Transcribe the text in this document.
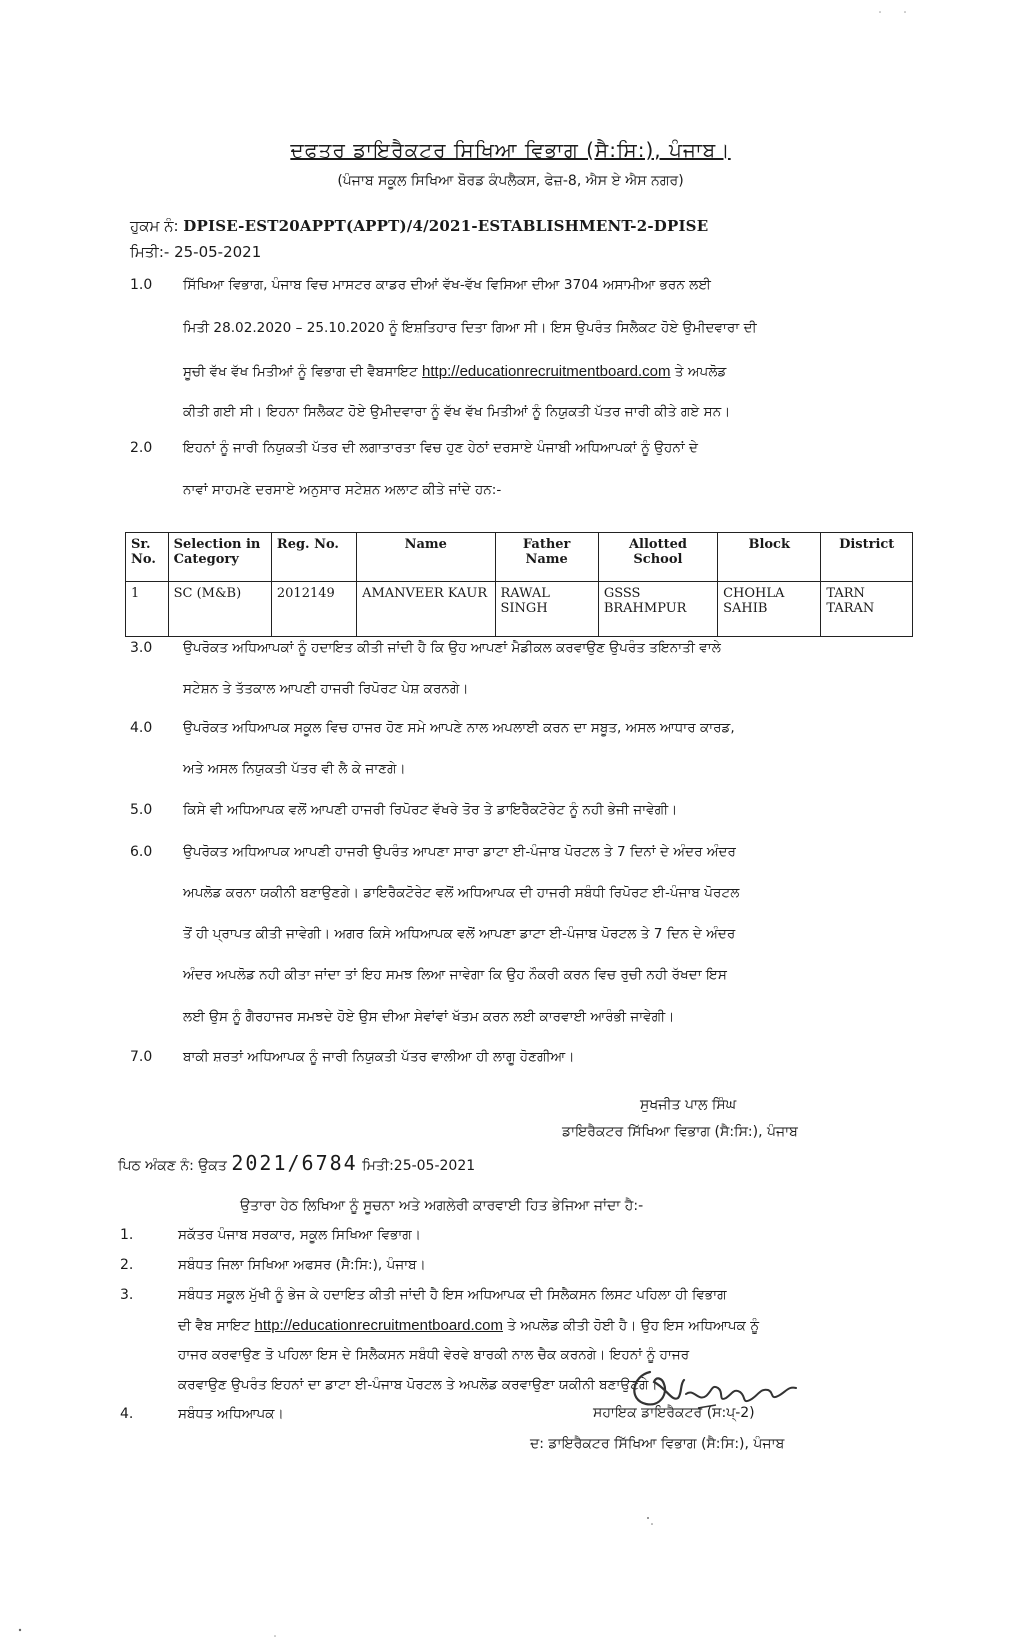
ਦਫਤਰ ਡਾਇਰੈਕਟਰ ਸਿਖਿਆ ਵਿਭਾਗ (ਸੈ:ਸਿ:), ਪੰਜਾਬ।
(ਪੰਜਾਬ ਸਕੂਲ ਸਿਖਿਆ ਬੋਰਡ ਕੰਪਲੈਕਸ, ਫੇਜ਼-8, ਐਸ ਏ ਐਸ ਨਗਰ)
ਹੁਕਮ ਨੰ: DPISE-EST20APPT(APPT)/4/2021-ESTABLISHMENT-2-DPISE
ਮਿਤੀ:- 25-05-2021
1.0 ਸਿੱਖਿਆ ਵਿਭਾਗ, ਪੰਜਾਬ ਵਿਚ ਮਾਸਟਰ ਕਾਡਰ ਦੀਆਂ ਵੱਖ-ਵੱਖ ਵਿਸਿਆ ਦੀਆ 3704 ਅਸਾਮੀਆ ਭਰਨ ਲਈ
ਮਿਤੀ 28.02.2020 – 25.10.2020 ਨੂੰ ਇਸ਼ਤਿਹਾਰ ਦਿਤਾ ਗਿਆ ਸੀ। ਇਸ ਉਪਰੰਤ ਸਿਲੈਕਟ ਹੋਏ ਉਮੀਦਵਾਰਾ ਦੀ
ਸੂਚੀ ਵੱਖ ਵੱਖ ਮਿਤੀਆਂ ਨੂੰ ਵਿਭਾਗ ਦੀ ਵੈਬਸਾਇਟ http://educationrecruitmentboard.com ਤੇ ਅਪਲੋਡ
ਕੀਤੀ ਗਈ ਸੀ। ਇਹਨਾ ਸਿਲੈਕਟ ਹੋਏ ਉਮੀਦਵਾਰਾ ਨੂੰ ਵੱਖ ਵੱਖ ਮਿਤੀਆਂ ਨੂੰ ਨਿਯੁਕਤੀ ਪੱਤਰ ਜਾਰੀ ਕੀਤੇ ਗਏ ਸਨ।
2.0 ਇਹਨਾਂ ਨੂੰ ਜਾਰੀ ਨਿਯੁਕਤੀ ਪੱਤਰ ਦੀ ਲਗਾਤਾਰਤਾ ਵਿਚ ਹੁਣ ਹੇਠਾਂ ਦਰਸਾਏ ਪੰਜਾਬੀ ਅਧਿਆਪਕਾਂ ਨੂੰ ਉਹਨਾਂ ਦੇ
ਨਾਵਾਂ ਸਾਹਮਣੇ ਦਰਸਾਏ ਅਨੁਸਾਰ ਸਟੇਸ਼ਨ ਅਲਾਟ ਕੀਤੇ ਜਾਂਦੇ ਹਨ:-
Sr. No.	Selection in Category	Reg. No.	Name	Father Name	Allotted School	Block	District
1	SC (M&B)	2012149	AMANVEER KAUR	RAWAL SINGH	GSSS BRAHMPUR	CHOHLA SAHIB	TARN TARAN
3.0 ਉਪਰੋਕਤ ਅਧਿਆਪਕਾਂ ਨੂੰ ਹਦਾਇਤ ਕੀਤੀ ਜਾਂਦੀ ਹੈ ਕਿ ਉਹ ਆਪਣਾਂ ਮੈਡੀਕਲ ਕਰਵਾਉਣ ਉਪਰੰਤ ਤਇਨਾਤੀ ਵਾਲੇ
ਸਟੇਸ਼ਨ ਤੇ ਤੱਤਕਾਲ ਆਪਣੀ ਹਾਜਰੀ ਰਿਪੋਰਟ ਪੇਸ਼ ਕਰਨਗੇ।
4.0 ਉਪਰੋਕਤ ਅਧਿਆਪਕ ਸਕੂਲ ਵਿਚ ਹਾਜਰ ਹੋਣ ਸਮੇ ਆਪਣੇ ਨਾਲ ਅਪਲਾਈ ਕਰਨ ਦਾ ਸਬੂਤ, ਅਸਲ ਆਧਾਰ ਕਾਰਡ,
ਅਤੇ ਅਸਲ ਨਿਯੁਕਤੀ ਪੱਤਰ ਵੀ ਲੈ ਕੇ ਜਾਣਗੇ।
5.0 ਕਿਸੇ ਵੀ ਅਧਿਆਪਕ ਵਲੋਂ ਆਪਣੀ ਹਾਜਰੀ ਰਿਪੋਰਟ ਵੱਖਰੇ ਤੋਰ ਤੇ ਡਾਇਰੈਕਟੋਰੇਟ ਨੂੰ ਨਹੀ ਭੇਜੀ ਜਾਵੇਗੀ।
6.0 ਉਪਰੋਕਤ ਅਧਿਆਪਕ ਆਪਣੀ ਹਾਜਰੀ ਉਪਰੰਤ ਆਪਣਾ ਸਾਰਾ ਡਾਟਾ ਈ-ਪੰਜਾਬ ਪੋਰਟਲ ਤੇ 7 ਦਿਨਾਂ ਦੇ ਅੰਦਰ ਅੰਦਰ
ਅਪਲੋਡ ਕਰਨਾ ਯਕੀਨੀ ਬਣਾਉਣਗੇ। ਡਾਇਰੈਕਟੋਰੇਟ ਵਲੋਂ ਅਧਿਆਪਕ ਦੀ ਹਾਜਰੀ ਸਬੰਧੀ ਰਿਪੋਰਟ ਈ-ਪੰਜਾਬ ਪੋਰਟਲ
ਤੋਂ ਹੀ ਪ੍ਰਾਪਤ ਕੀਤੀ ਜਾਵੇਗੀ। ਅਗਰ ਕਿਸੇ ਅਧਿਆਪਕ ਵਲੋਂ ਆਪਣਾ ਡਾਟਾ ਈ-ਪੰਜਾਬ ਪੋਰਟਲ ਤੇ 7 ਦਿਨ ਦੇ ਅੰਦਰ
ਅੰਦਰ ਅਪਲੋਡ ਨਹੀ ਕੀਤਾ ਜਾਂਦਾ ਤਾਂ ਇਹ ਸਮਝ ਲਿਆ ਜਾਵੇਗਾ ਕਿ ਉਹ ਨੌਕਰੀ ਕਰਨ ਵਿਚ ਰੁਚੀ ਨਹੀ ਰੱਖਦਾ ਇਸ
ਲਈ ਉਸ ਨੂੰ ਗੈਰਹਾਜਰ ਸਮਝਦੇ ਹੋਏ ਉਸ ਦੀਆ ਸੇਵਾਂਵਾਂ ਖੱਤਮ ਕਰਨ ਲਈ ਕਾਰਵਾਈ ਆਰੰਭੀ ਜਾਵੇਗੀ।
7.0 ਬਾਕੀ ਸ਼ਰਤਾਂ ਅਧਿਆਪਕ ਨੂੰ ਜਾਰੀ ਨਿਯੁਕਤੀ ਪੱਤਰ ਵਾਲੀਆ ਹੀ ਲਾਗੂ ਹੋਣਗੀਆ।
ਸੁਖਜੀਤ ਪਾਲ ਸਿੰਘ
ਡਾਇਰੈਕਟਰ ਸਿੱਖਿਆ ਵਿਭਾਗ (ਸੈ:ਸਿ:), ਪੰਜਾਬ
ਪਿਠ ਅੰਕਣ ਨੰ: ਉਕਤ 2021/6784 ਮਿਤੀ:25-05-2021
ਉਤਾਰਾ ਹੇਠ ਲਿਖਿਆ ਨੂੰ ਸੂਚਨਾ ਅਤੇ ਅਗਲੇਰੀ ਕਾਰਵਾਈ ਹਿਤ ਭੇਜਿਆ ਜਾਂਦਾ ਹੈ:-
1.	ਸਕੱਤਰ ਪੰਜਾਬ ਸਰਕਾਰ, ਸਕੂਲ ਸਿਖਿਆ ਵਿਭਾਗ।
2.	ਸਬੰਧਤ ਜਿਲਾ ਸਿਖਿਆ ਅਫਸਰ (ਸੈ:ਸਿ:), ਪੰਜਾਬ।
3.	ਸਬੰਧਤ ਸਕੂਲ ਮੁੱਖੀ ਨੂੰ ਭੇਜ ਕੇ ਹਦਾਇਤ ਕੀਤੀ ਜਾਂਦੀ ਹੈ ਇਸ ਅਧਿਆਪਕ ਦੀ ਸਿਲੈਕਸਨ ਲਿਸਟ ਪਹਿਲਾ ਹੀ ਵਿਭਾਗ
ਦੀ ਵੈਬ ਸਾਇਟ http://educationrecruitmentboard.com ਤੇ ਅਪਲੋਡ ਕੀਤੀ ਹੋਈ ਹੈ। ਉਹ ਇਸ ਅਧਿਆਪਕ ਨੂੰ
ਹਾਜਰ ਕਰਵਾਉਣ ਤੋ ਪਹਿਲਾ ਇਸ ਦੇ ਸਿਲੈਕਸਨ ਸਬੰਧੀ ਵੇਰਵੇ ਬਾਰਕੀ ਨਾਲ ਚੈਕ ਕਰਨਗੇ। ਇਹਨਾਂ ਨੂੰ ਹਾਜਰ
ਕਰਵਾਉਣ ਉਪਰੰਤ ਇਹਨਾਂ ਦਾ ਡਾਟਾ ਈ-ਪੰਜਾਬ ਪੋਰਟਲ ਤੇ ਅਪਲੋਡ ਕਰਵਾਉਣਾ ਯਕੀਨੀ ਬਣਾਉਣਗੇ।
4.	ਸਬੰਧਤ ਅਧਿਆਪਕ।	ਸਹਾਇਕ ਡਾਇਰੈਕਟਰ (ਸ:ਪ੍-2)
ਦ: ਡਾਇਰੈਕਟਰ ਸਿੱਖਿਆ ਵਿਭਾਗ (ਸੈ:ਸਿ:), ਪੰਜਾਬ
